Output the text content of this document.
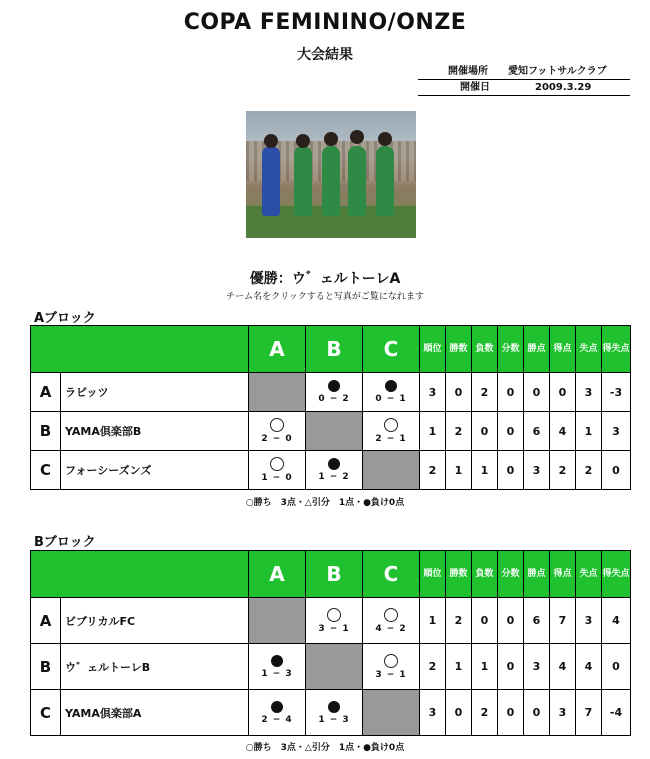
COPA FEMININO/ONZE
大会結果
開催場所 愛知フットサルクラブ
開催日	2009.3.29
優勝：ウ゛ェルトーレA
チーム名をクリックすると写真がご覧になれます
Aブロック
		A	B	C	順位	勝数	負数	分数	勝点	得点	失点	得失点
A	ラビッツ		0 − 2	0 − 1	3	0	2	0	0	0	3	-3
B	YAMA倶楽部B	2 − 0		2 − 1	1	2	0	0	6	4	1	3
C	フォーシーズンズ	1 − 0	1 − 2		2	1	1	0	3	2	2	0
○勝ち　3点・△引分　1点・●負け0点
Bブロック
		A	B	C	順位	勝数	負数	分数	勝点	得点	失点	得失点
A	ビブリカルFC		3 − 1	4 − 2	1	2	0	0	6	7	3	4
B	ウ゛ェルトーレB	1 − 3		3 − 1	2	1	1	0	3	4	4	0
C	YAMA倶楽部A	2 − 4	1 − 3		3	0	2	0	0	3	7	-4
○勝ち　3点・△引分　1点・●負け0点
